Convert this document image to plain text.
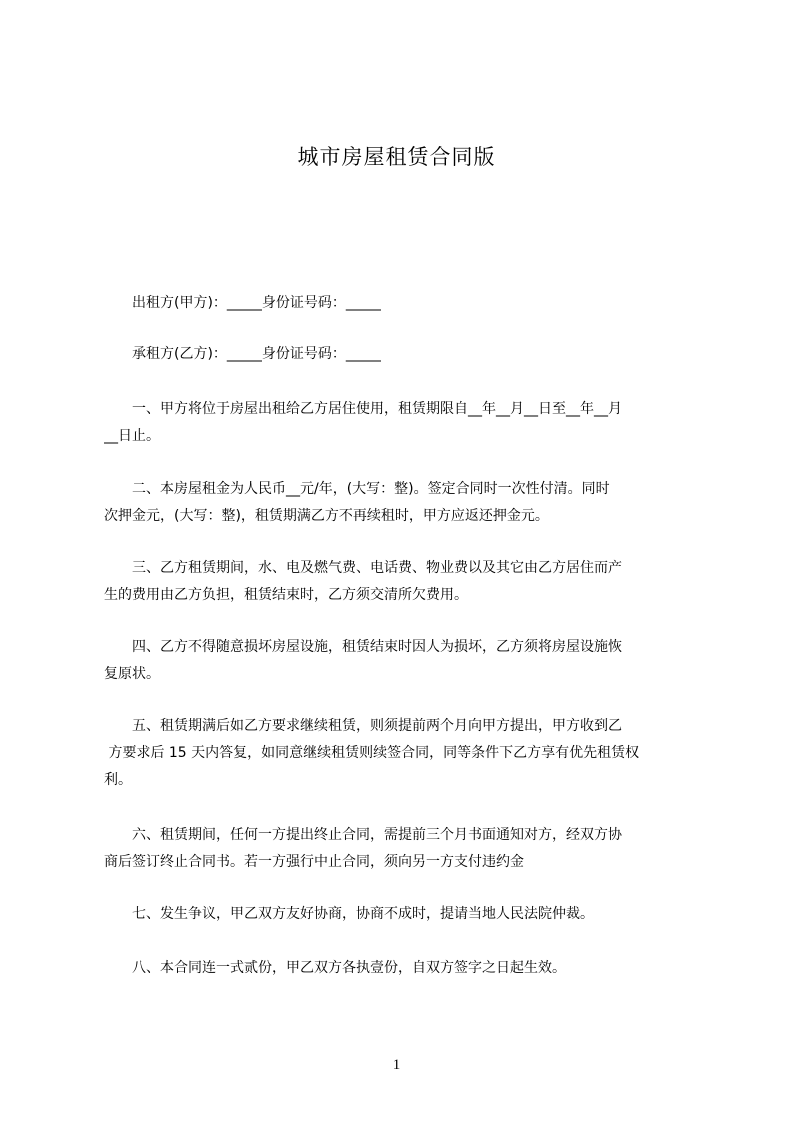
城市房屋租赁合同版
　　出租方(甲方)：_____身份证号码：_____
　　承租方(乙方)：_____身份证号码：_____
　　一、甲方将位于房屋出租给乙方居住使用，租赁期限自__年__月__日至__年__月
__日止。
　　二、本房屋租金为人民币__元/年，(大写：整)。签定合同时一次性付清。同时
次押金元，(大写：整)，租赁期满乙方不再续租时，甲方应返还押金元。
　　三、乙方租赁期间，水、电及燃气费、电话费、物业费以及其它由乙方居住而产
生的费用由乙方负担，租赁结束时，乙方须交清所欠费用。
　　四、乙方不得随意损坏房屋设施，租赁结束时因人为损坏，乙方须将房屋设施恢
复原状。
　　五、租赁期满后如乙方要求继续租赁，则须提前两个月向甲方提出，甲方收到乙
方要求后 15 天内答复，如同意继续租赁则续签合同，同等条件下乙方享有优先租赁权
利。
　　六、租赁期间，任何一方提出终止合同，需提前三个月书面通知对方，经双方协
商后签订终止合同书。若一方强行中止合同，须向另一方支付违约金
　　七、发生争议，甲乙双方友好协商，协商不成时，提请当地人民法院仲裁。
　　八、本合同连一式贰份，甲乙双方各执壹份，自双方签字之日起生效。
1
